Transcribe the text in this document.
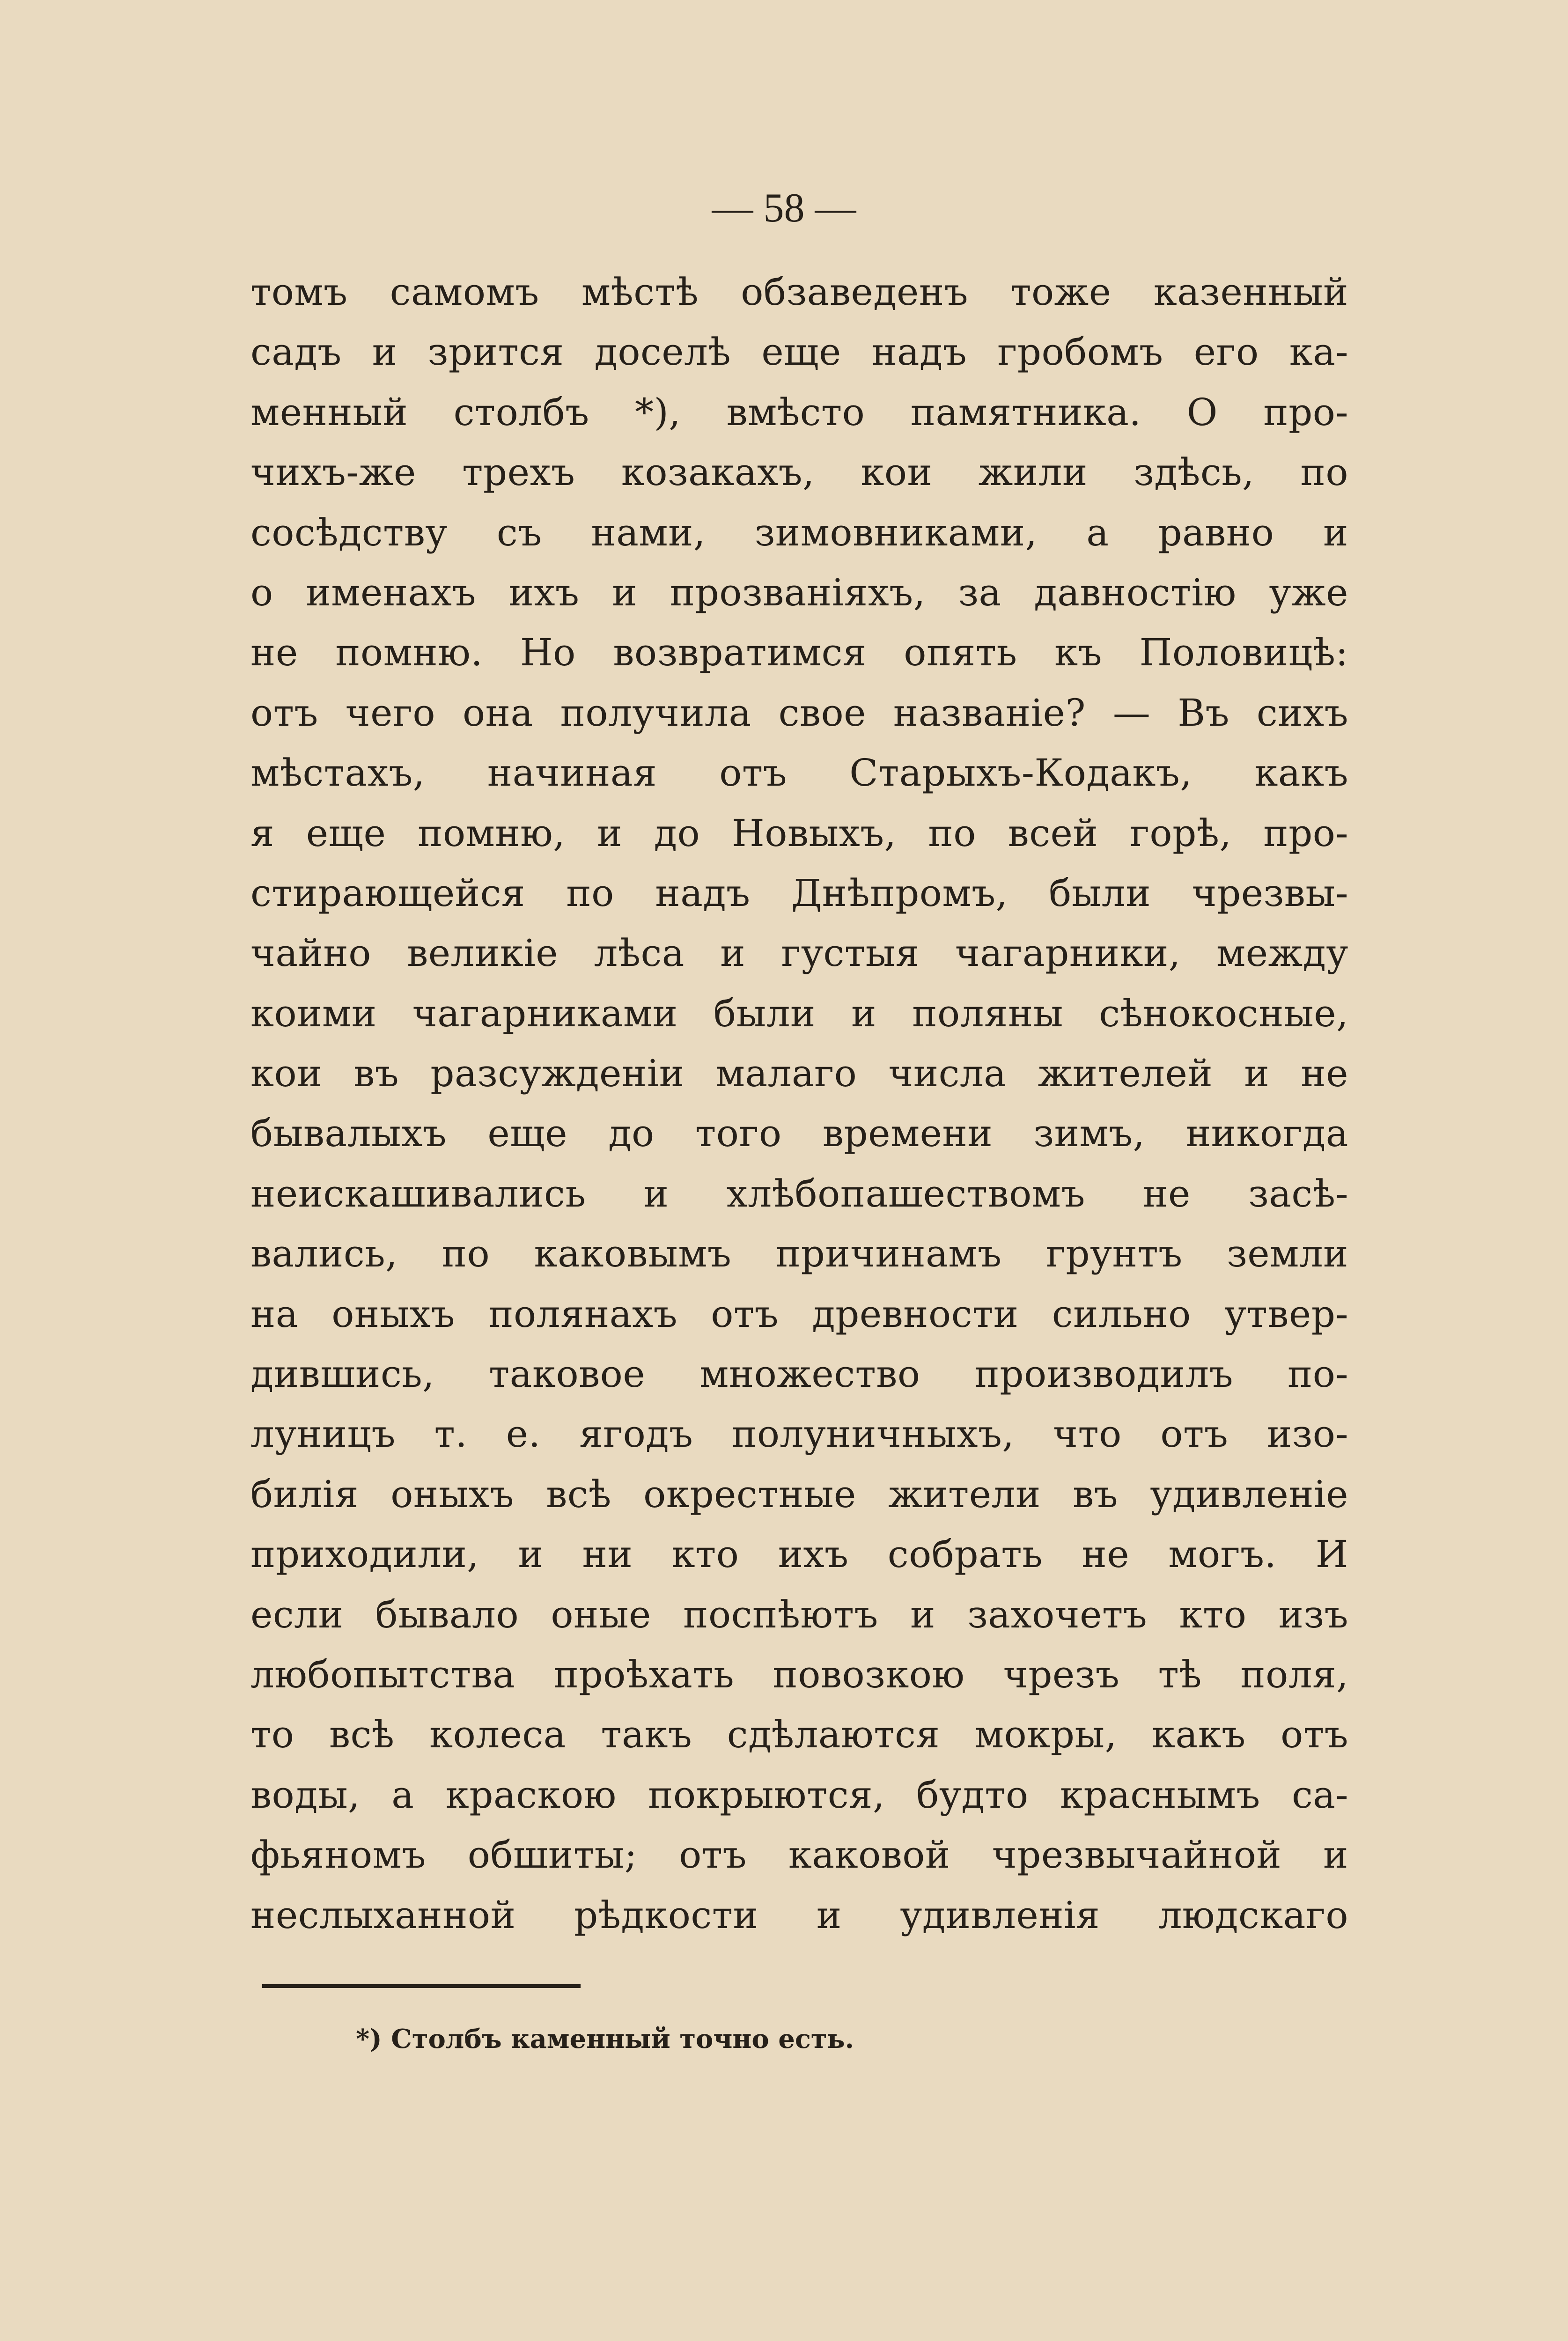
— 58 —
томъ самомъ мѣстѣ обзаведенъ тоже казенный
садъ и зрится доселѣ еще надъ гробомъ его ка-
менный столбъ *), вмѣсто памятника. О про-
чихъ-же трехъ козакахъ, кои жили здѣсь, по
сосѣдству съ нами, зимовниками, а равно и
о именахъ ихъ и прозваніяхъ, за давностію уже
не помню. Но возвратимся опять къ Половицѣ:
отъ чего она получила свое названіе? — Въ сихъ
мѣстахъ, начиная отъ Старыхъ-Кодакъ, какъ
я еще помню, и до Новыхъ, по всей горѣ, про-
стирающейся по надъ Днѣпромъ, были чрезвы-
чайно великіе лѣса и густыя чагарники, между
коими чагарниками были и поляны сѣнокосные,
кои въ разсужденіи малаго числа жителей и не
бывалыхъ еще до того времени зимъ, никогда
неискашивались и хлѣбопашествомъ не засѣ-
вались, по каковымъ причинамъ грунтъ земли
на оныхъ полянахъ отъ древности сильно утвер-
дившись, таковое множество производилъ по-
луницъ т. е. ягодъ полуничныхъ, что отъ изо-
билія оныхъ всѣ окрестные жители въ удивленіе
приходили, и ни кто ихъ собрать не могъ. И
если бывало оные поспѣютъ и захочетъ кто изъ
любопытства проѣхать повозкою чрезъ тѣ поля,
то всѣ колеса такъ сдѣлаются мокры, какъ отъ
воды, а краскою покрыются, будто краснымъ са-
фьяномъ обшиты; отъ каковой чрезвычайной и
неслыханной рѣдкости и удивленія людскаго
*) Столбъ каменный точно есть.
